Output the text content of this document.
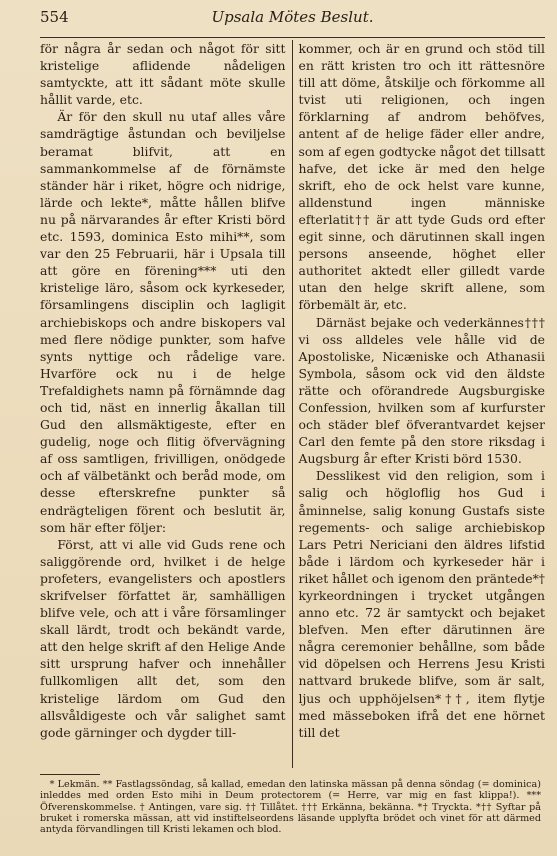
554	Upsala Mötes Beslut.

för några år sedan och något för sitt kristelige aflidende nådeligen samtyckte, att itt sådant möte skulle hållit varde, etc.

Är för den skull nu utaf alles våre samdrägtige åstundan och beviljelse beramat blifvit, att en sammankommelse af de förnämste ständer här i riket, högre och nidrige, lärde och lekte*, måtte hållen blifve nu på närvarandes år efter Kristi börd etc. 1593, dominica Esto mihi**, som var den 25 Februarii, här i Upsala till att göre en förening*** uti den kristelige läro, såsom ock kyrkeseder, församlingens disciplin och lagligit archiebiskops och andre biskopers val med flere nödige punkter, som hafve synts nyttige och rådelige vare. Hvarföre ock nu i de helge Trefaldighets namn på förnämnde dag och tid, näst en innerlig åkallan till Gud den allsmäktigeste, efter en gudelig, noge och flitig öfvervägning af oss samtligen, frivilligen, onödgede och af välbetänkt och beråd mode, om desse efterskrefne punkter så endrägteligen förent och beslutit är, som här efter följer:

Först, att vi alle vid Guds rene och saliggörende ord, hvilket i de helge profeters, evangelisters och apostlers skrifvelser författet är, samhälligen blifve vele, och att i våre församlinger skall lärdt, trodt och bekändt varde, att den helge skrift af den Helige Ande sitt ursprung hafver och innehåller fullkomligen allt det, som den kristelige lärdom om Gud den allsvåldigeste och vår salighet samt gode gärninger och dygder till-

kommer, och är en grund och stöd till en rätt kristen tro och itt rättesnöre till att döme, åtskilje och förkomme all tvist uti religionen, och ingen förklarning af androm behöfves, antent af de helige fäder eller andre, som af egen godtycke något det tillsatt hafve, det icke är med den helge skrift, eho de ock helst vare kunne, alldenstund ingen människe efterlatit†† är att tyde Guds ord efter egit sinne, och därutinnen skall ingen persons anseende, höghet eller authoritet aktedt eller gilledt varde utan den helge skrift allene, som förbemält är, etc.

Därnäst bejake och vederkännes††† vi oss alldeles vele hålle vid de Apostoliske, Nicæniske och Athanasii Symbola, såsom ock vid den äldste rätte och oförandrede Augsburgiske Confession, hvilken som af kurfurster och städer blef öfverantvardet kejser Carl den femte på den store riksdag i Augsburg år efter Kristi börd 1530.

Desslikest vid den religion, som i salig och högloflig hos Gud i åminnelse, salig konung Gustafs siste regements- och salige archiebiskop Lars Petri Nericiani den äldres lifstid både i lärdom och kyrkeseder här i riket hållet och igenom den präntede*† kyrkeordningen i trycket utgången anno etc. 72 är samtyckt och bejaket blefven. Men efter därutinnen äre några ceremonier behållne, som både vid döpelsen och Herrens Jesu Kristi nattvard brukede blifve, som är salt, ljus och upphöjelsen*††, item flytje med mässeboken ifrå det ene hörnet till det

* Lekmän. ** Fastlagssöndag, så kallad, emedan den latinska mässan på denna söndag (= dominica) inleddes med orden Esto mihi in Deum protectorem (= Herre, var mig en fast klippa!). *** Öfverenskommelse. † Antingen, vare sig. †† Tillåtet. ††† Erkänna, bekänna. *† Tryckta. *†† Syftar på bruket i romerska mässan, att vid instiftelseordens läsande upplyfta brödet och vinet för att därmed antyda förvandlingen till Kristi lekamen och blod.
